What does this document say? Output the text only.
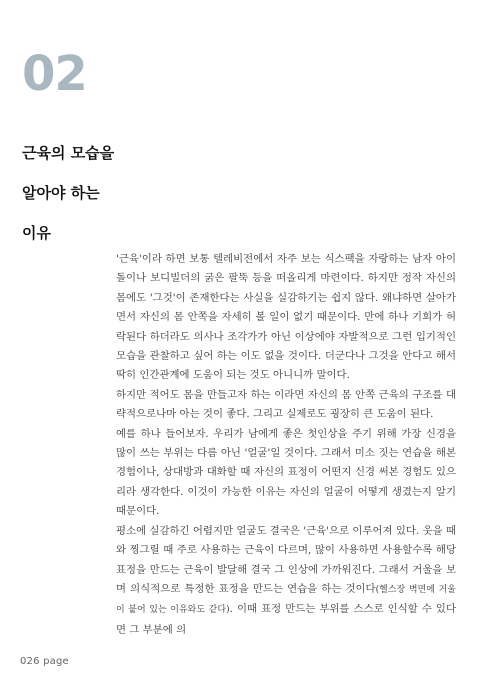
02
근육의 모습을
알아야 하는
이유

'근육'이라 하면 보통 텔레비전에서 자주 보는 식스팩을 자랑하는 남자 아이돌이나 보디빌더의 굵은 팔뚝 등을 떠올리게 마련이다. 하지만 정작 자신의 몸에도 '그것'이 존재한다는 사실을 실감하기는 쉽지 않다. 왜냐하면 살아가면서 자신의 몸 안쪽을 자세히 볼 일이 없기 때문이다. 만에 하나 기회가 허락된다 하더라도 의사나 조각가가 아닌 이상에야 자발적으로 그런 입기적인 모습을 관찰하고 싶어 하는 이도 없을 것이다. 더군다나 그것을 안다고 해서 딱히 인간관계에 도움이 되는 것도 아니니까 말이다.

하지만 적어도 몸을 만들고자 하는 이라면 자신의 몸 안쪽 근육의 구조를 대략적으로나마 아는 것이 좋다. 그리고 실제로도 굉장히 큰 도움이 된다.

예를 하나 들어보자. 우리가 남에게 좋은 첫인상을 주기 위해 가장 신경을 많이 쓰는 부위는 다름 아닌 '얼굴'일 것이다. 그래서 미소 짓는 연습을 해본 경험이나, 상대방과 대화할 때 자신의 표정이 어떤지 신경 써본 경험도 있으리라 생각한다. 이것이 가능한 이유는 자신의 얼굴이 어떻게 생겼는지 알기 때문이다.

평소에 실감하긴 어렵지만 얼굴도 결국은 '근육'으로 이루어져 있다. 웃을 때와 찡그릴 때 주로 사용하는 근육이 다르며, 많이 사용하면 사용할수록 해당 표정을 만드는 근육이 발달해 결국 그 인상에 가까워진다. 그래서 거울을 보며 의식적으로 특정한 표정을 만드는 연습을 하는 것이다(헬스장 벽면에 거울이 붙어 있는 이유와도 같다). 이때 표정 만드는 부위를 스스로 인식할 수 있다면 그 부분에 의

026 page
